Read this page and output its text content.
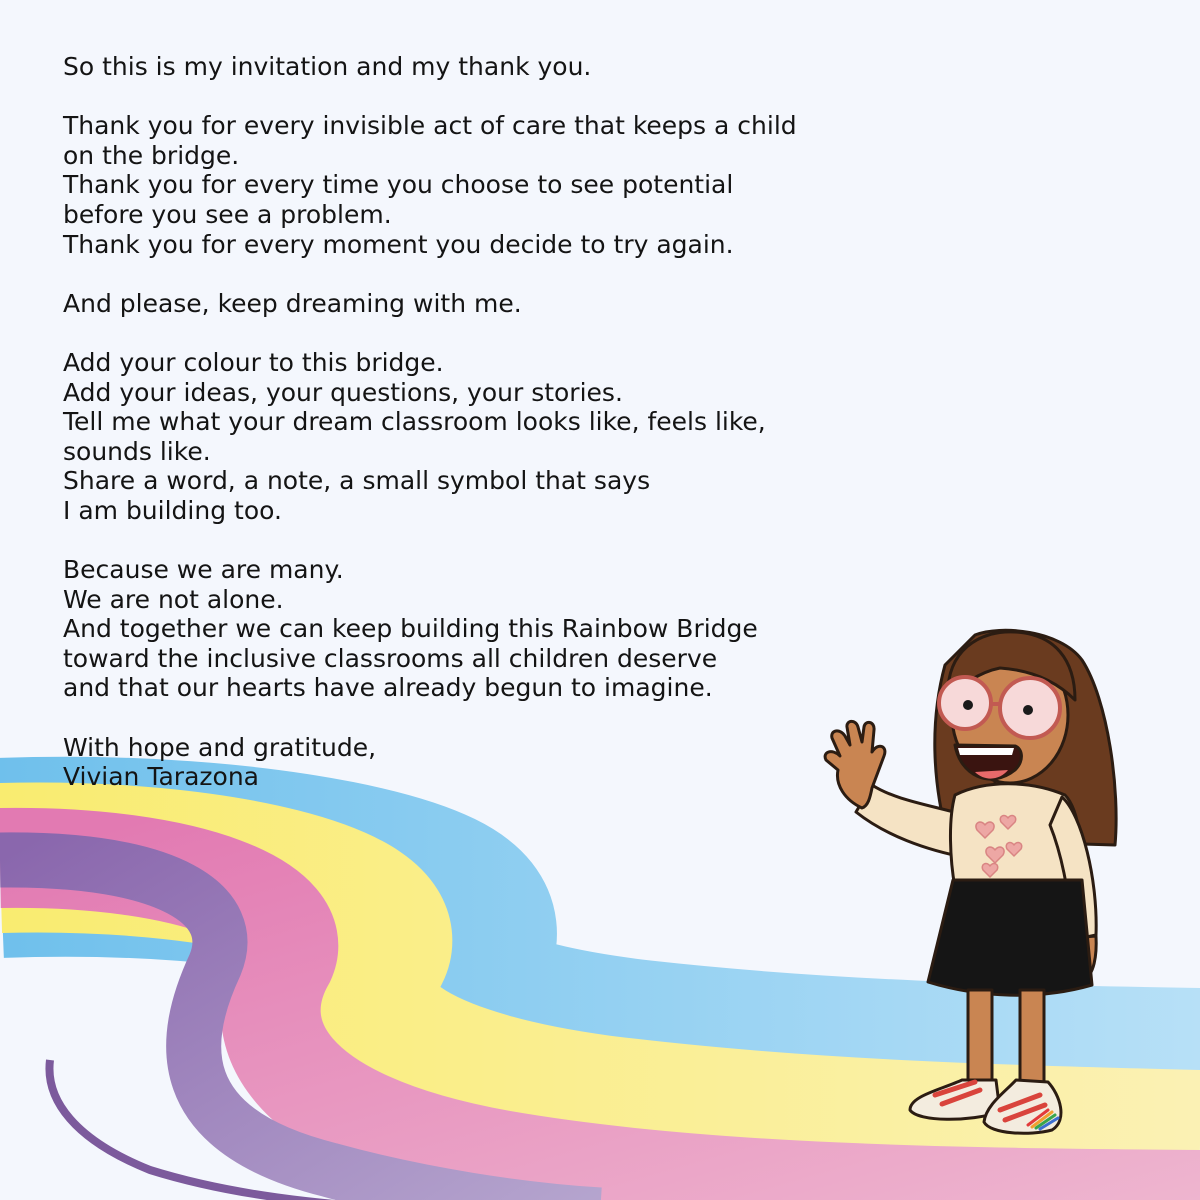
So this is my invitation and my thank you.
Thank you for every invisible act of care that keeps a child
on the bridge.
Thank you for every time you choose to see potential
before you see a problem.
Thank you for every moment you decide to try again.
And please, keep dreaming with me.
Add your colour to this bridge.
Add your ideas, your questions, your stories.
Tell me what your dream classroom looks like, feels like,
sounds like.
Share a word, a note, a small symbol that says
I am building too.
Because we are many.
We are not alone.
And together we can keep building this Rainbow Bridge
toward the inclusive classrooms all children deserve
and that our hearts have already begun to imagine.
With hope and gratitude,
Vivian Tarazona
